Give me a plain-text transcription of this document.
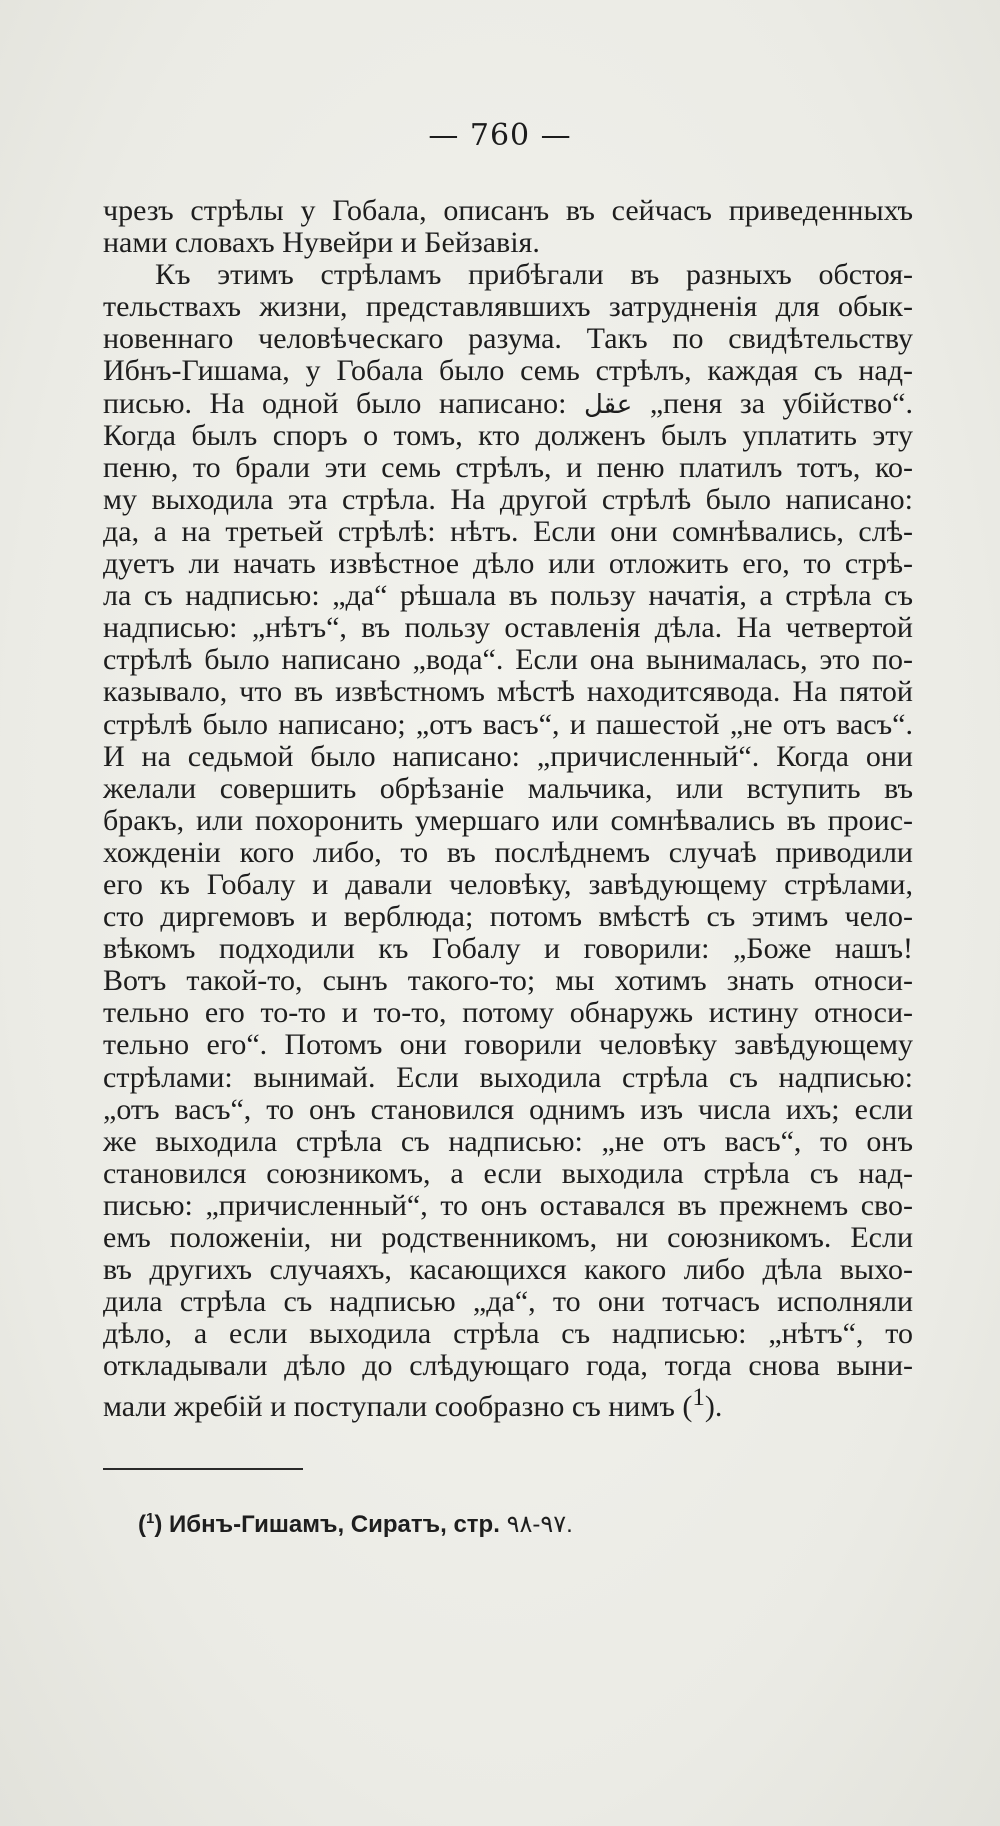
— 760 —
чрезъ стрѣлы у Гобала, описанъ въ сейчасъ приведенныхъ
нами словахъ Нувейри и Бейзавія.
Къ этимъ стрѣламъ прибѣгали въ разныхъ обстоя-
тельствахъ жизни, представлявшихъ затрудненія для обык-
новеннаго человѣческаго разума. Такъ по свидѣтельству
Ибнъ-Гишама, у Гобала было семь стрѣлъ, каждая съ над-
писью. На одной было написано: عقل „пеня за убійство“.
Когда былъ споръ о томъ, кто долженъ былъ уплатить эту
пеню, то брали эти семь стрѣлъ, и пеню платилъ тотъ, ко-
му выходила эта стрѣла. На другой стрѣлѣ было написано:
да, а на третьей стрѣлѣ: нѣтъ. Если они сомнѣвались, слѣ-
дуетъ ли начать извѣстное дѣло или отложить его, то стрѣ-
ла съ надписью: „да“ рѣшала въ пользу начатія, а стрѣла съ
надписью: „нѣтъ“, въ пользу оставленія дѣла. На четвертой
стрѣлѣ было написано „вода“. Если она вынималась, это по-
казывало, что въ извѣстномъ мѣстѣ находитсявода. На пятой
стрѣлѣ было написано; „отъ васъ“, и пашестой „не отъ васъ“.
И на седьмой было написано: „причисленный“. Когда они
желали совершить обрѣзаніе мальчика, или вступить въ
бракъ, или похоронить умершаго или сомнѣвались въ проис-
хожденіи кого либо, то въ послѣднемъ случаѣ приводили
его къ Гобалу и давали человѣку, завѣдующему стрѣлами,
сто диргемовъ и верблюда; потомъ вмѣстѣ съ этимъ чело-
вѣкомъ подходили къ Гобалу и говорили: „Боже нашъ!
Вотъ такой-то, сынъ такого-то; мы хотимъ знать относи-
тельно его то-то и то-то, потому обнаружь истину относи-
тельно его“. Потомъ они говорили человѣку завѣдующему
стрѣлами: вынимай. Если выходила стрѣла съ надписью:
„отъ васъ“, то онъ становился однимъ изъ числа ихъ; если
же выходила стрѣла съ надписью: „не отъ васъ“, то онъ
становился союзникомъ, а если выходила стрѣла съ над-
писью: „причисленный“, то онъ оставался въ прежнемъ сво-
емъ положеніи, ни родственникомъ, ни союзникомъ. Если
въ другихъ случаяхъ, касающихся какого либо дѣла выхо-
дила стрѣла съ надписью „да“, то они тотчасъ исполняли
дѣло, а если выходила стрѣла съ надписью: „нѣтъ“, то
откладывали дѣло до слѣдующаго года, тогда снова выни-
мали жребій и поступали сообразно съ нимъ ($^1$).
($^1$) Ибнъ-Гишамъ, Сиратъ, стр. ٩٧-٩٨.
